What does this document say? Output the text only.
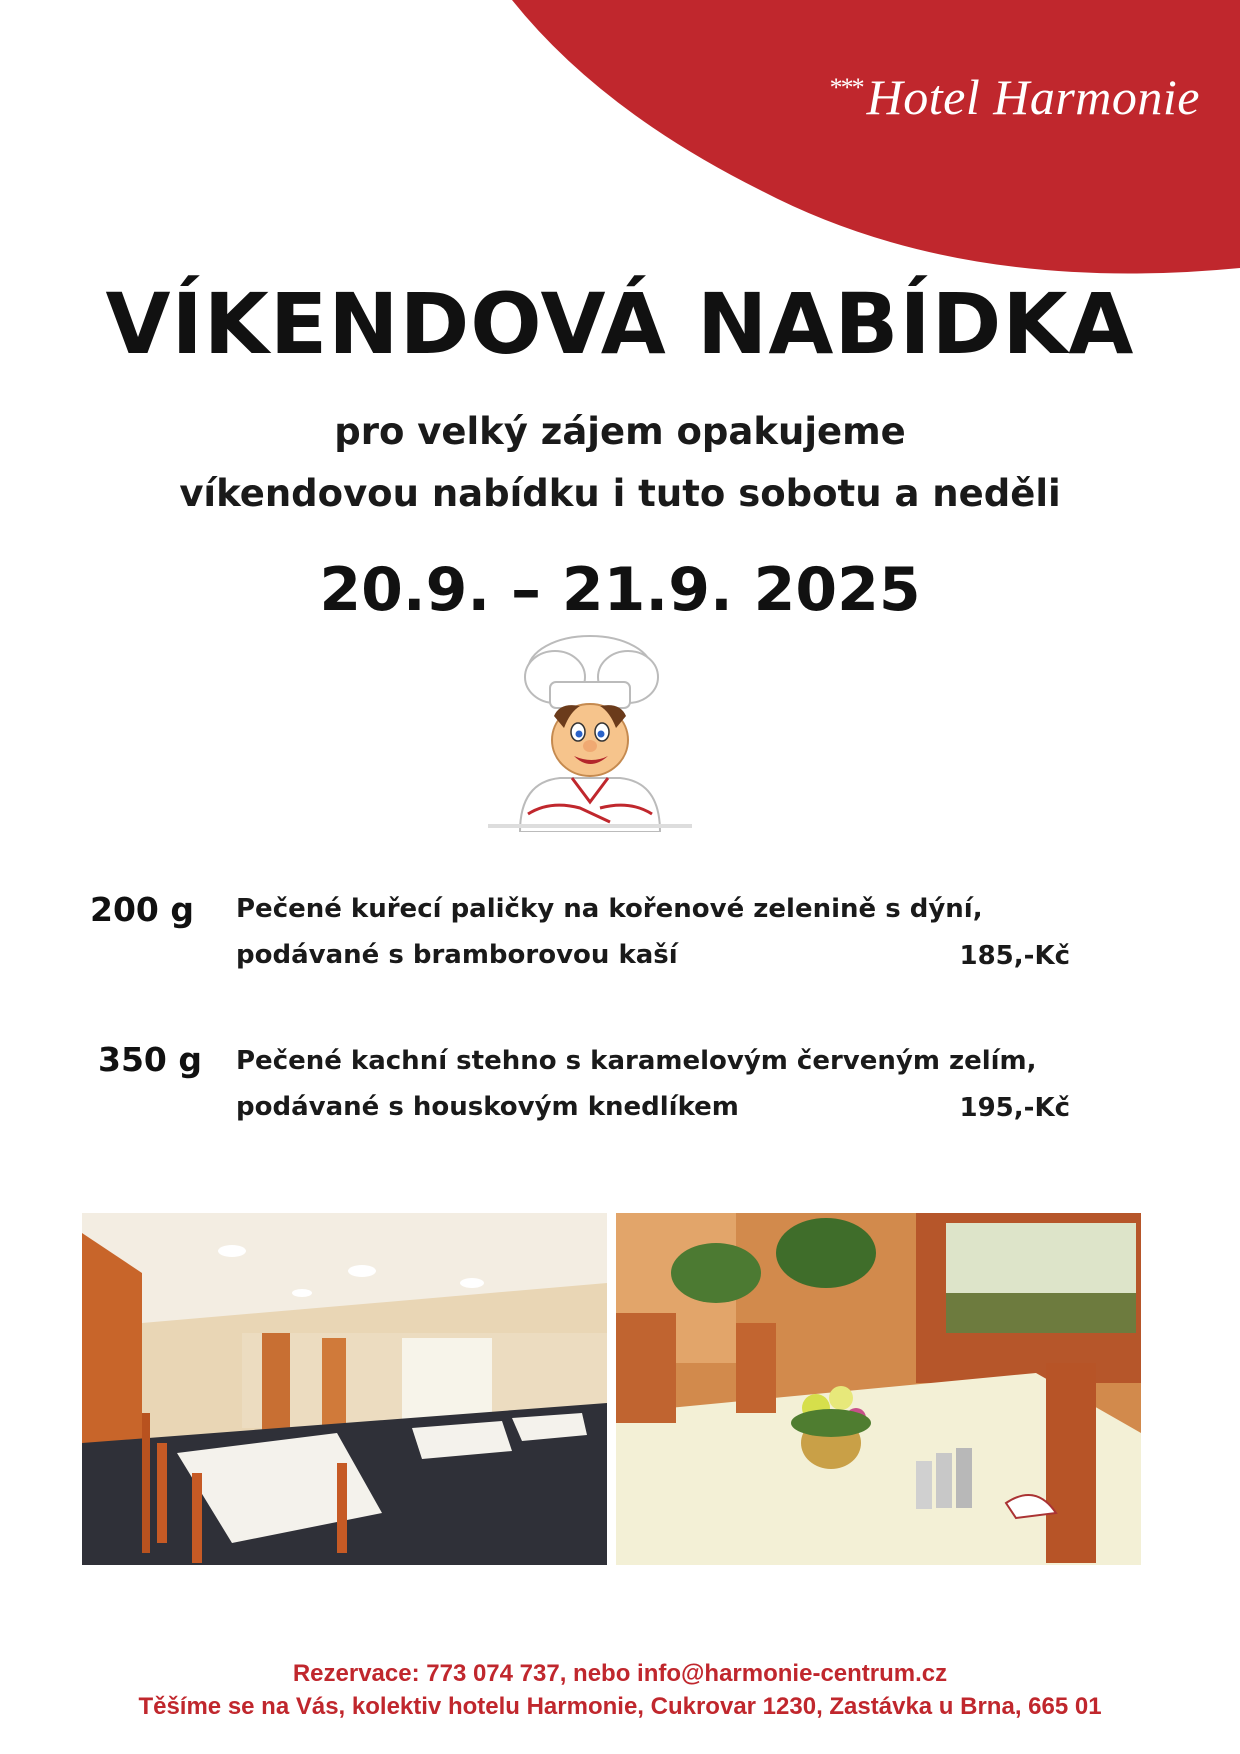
***Hotel Harmonie
VÍKENDOVÁ NABÍDKA
pro velký zájem opakujeme
víkendovou nabídku i tuto sobotu a neděli
20.9. – 21.9. 2025
200 g Pečené kuřecí paličky na kořenové zelenině s dýní,
podávané s bramborovou kaší	185,-Kč
350 g Pečené kachní stehno s karamelovým červeným zelím,
podávané s houskovým knedlíkem	195,-Kč
Rezervace: 773 074 737, nebo info@harmonie-centrum.cz
Těšíme se na Vás, kolektiv hotelu Harmonie, Cukrovar 1230, Zastávka u Brna, 665 01
